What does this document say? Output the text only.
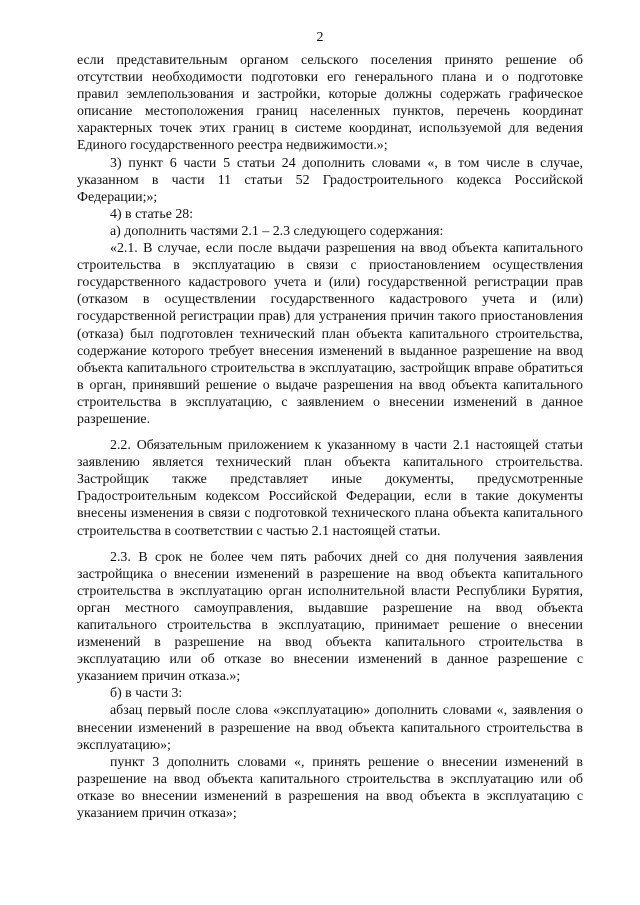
2

если представительным органом сельского поселения принято решение об отсутствии необходимости подготовки его генерального плана и о подготовке правил землепользования и застройки, которые должны содержать графическое описание местоположения границ населенных пунктов, перечень координат характерных точек этих границ в системе координат, используемой для ведения Единого государственного реестра недвижимости.»;

3) пункт 6 части 5 статьи 24 дополнить словами «, в том числе в случае, указанном в части 11 статьи 52 Градостроительного кодекса Российской Федерации;»;

4) в статье 28:

а) дополнить частями 2.1 – 2.3 следующего содержания:

«2.1. В случае, если после выдачи разрешения на ввод объекта капитального строительства в эксплуатацию в связи с приостановлением осуществления государственного кадастрового учета и (или) государственной регистрации прав (отказом в осуществлении государственного кадастрового учета и (или) государственной регистрации прав) для устранения причин такого приостановления (отказа) был подготовлен технический план объекта капитального строительства, содержание которого требует внесения изменений в выданное разрешение на ввод объекта капитального строительства в эксплуатацию, застройщик вправе обратиться в орган, принявший решение о выдаче разрешения на ввод объекта капитального строительства в эксплуатацию, с заявлением о внесении изменений в данное разрешение.

2.2. Обязательным приложением к указанному в части 2.1 настоящей статьи заявлению является технический план объекта капитального строительства. Застройщик также представляет иные документы, предусмотренные Градостроительным кодексом Российской Федерации, если в такие документы внесены изменения в связи с подготовкой технического плана объекта капитального строительства в соответствии с частью 2.1 настоящей статьи.

2.3. В срок не более чем пять рабочих дней со дня получения заявления застройщика о внесении изменений в разрешение на ввод объекта капитального строительства в эксплуатацию орган исполнительной власти Республики Бурятия, орган местного самоуправления, выдавшие разрешение на ввод объекта капитального строительства в эксплуатацию, принимает решение о внесении изменений в разрешение на ввод объекта капитального строительства в эксплуатацию или об отказе во внесении изменений в данное разрешение с указанием причин отказа.»;

б) в части 3:

абзац первый после слова «эксплуатацию» дополнить словами «, заявления о внесении изменений в разрешение на ввод объекта капитального строительства в эксплуатацию»;

пункт 3 дополнить словами «, принять решение о внесении изменений в разрешение на ввод объекта капитального строительства в эксплуатацию или об отказе во внесении изменений в разрешения на ввод объекта в эксплуатацию с указанием причин отказа»;
